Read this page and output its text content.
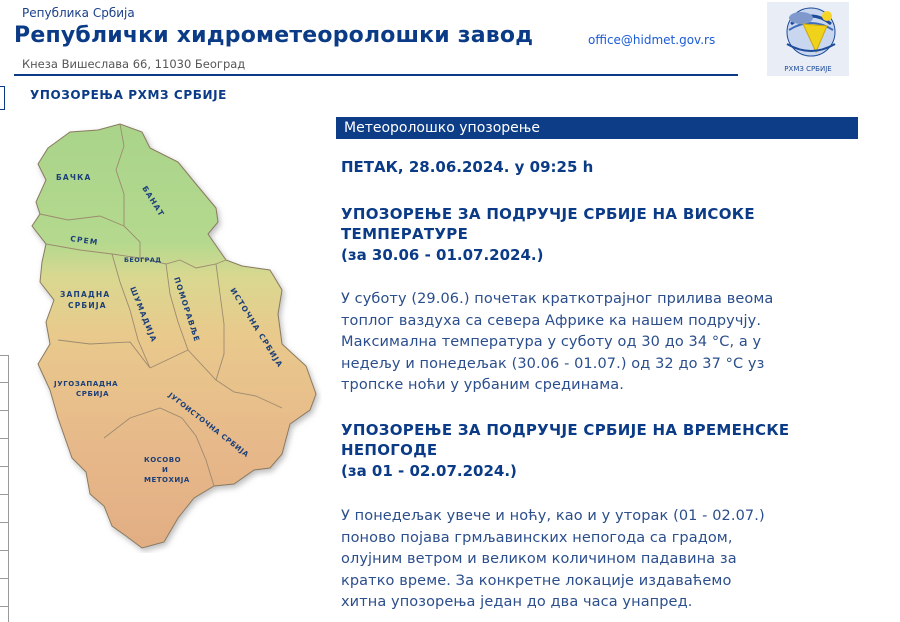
Република Србија
Републички хидрометеоролошки завод
Кнеза Вишеслава 66, 11030 Београд
office@hidmet.gov.rs
РХМЗ СРБИЈЕ
УПОЗОРЕЊА РХМЗ СРБИЈЕ
БАЧКА
БАНАТ
СРЕМ
БЕОГРАД
ЗАПАДНА
СРБИЈА	ШУМАДИЈА ПОМОРАВЉЕ	ИСТОЧНА СРБИЈА
ЈУГОЗАПАДНА
СРБИЈА	ЈУГОИСТОЧНА СРБИЈА
КОСОВО
И
МЕТОХИЈА
Метеоролошко упозорење
ПЕТАК, 28.06.2024. у 09:25 h
УПОЗОРЕЊЕ ЗА ПОДРУЧЈЕ СРБИЈЕ НА ВИСОКЕ
ТЕМПЕРАТУРЕ
(за 30.06 - 01.07.2024.)
У суботу (29.06.) почетак краткотрајног прилива веома
топлог ваздуха са севера Африке ка нашем подручју.
Максимална температура у суботу од 30 до 34 °C, а у
недељу и понедељак (30.06 - 01.07.) од 32 до 37 °C уз
тропске ноћи у урбаним срединама.
УПОЗОРЕЊЕ ЗА ПОДРУЧЈЕ СРБИЈЕ НА ВРЕМЕНСКЕ
НЕПОГОДЕ
(за 01 - 02.07.2024.)
У понедељак увече и ноћу, као и у уторак (01 - 02.07.)
поново појава грмљавинских непогода са градом,
олујним ветром и великом количином падавина за
кратко време. За конкретне локације издаваћемо
хитна упозорења један до два часа унапред.
